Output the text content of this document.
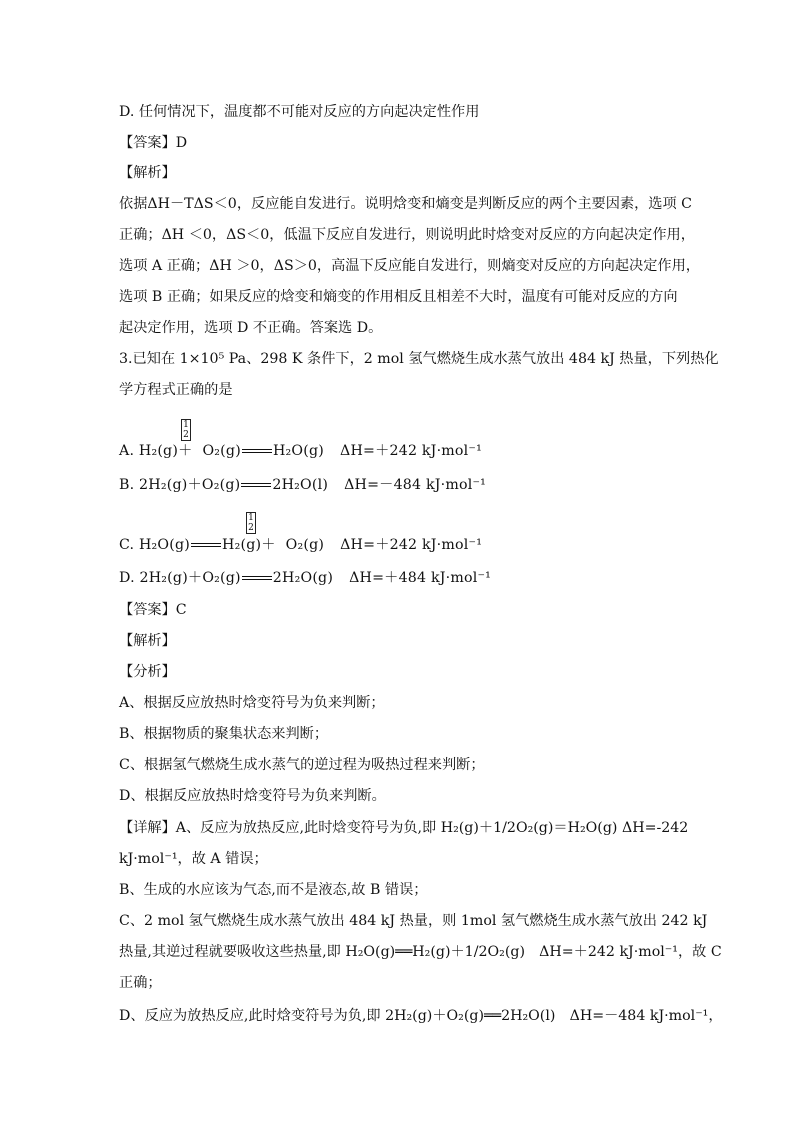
D. 任何情况下，温度都不可能对反应的方向起决定性作用
【答案】D
【解析】
依据ΔH－TΔS＜0，反应能自发进行。说明焓变和熵变是判断反应的两个主要因素，选项 C
正确；ΔH ＜0，ΔS＜0，低温下反应自发进行，则说明此时焓变对反应的方向起决定作用，
选项 A 正确；ΔH ＞0，ΔS＞0，高温下反应能自发进行，则熵变对反应的方向起决定作用，
选项 B 正确；如果反应的焓变和熵变的作用相反且相差不大时，温度有可能对反应的方向
起决定作用，选项 D 不正确。答案选 D。
3.已知在 1×10⁵ Pa、298 K 条件下，2 mol 氢气燃烧生成水蒸气放出 484 kJ 热量，下列热化
学方程式正确的是
1
2
A. H₂(g)＋ O₂(g) H₂O(g) ΔH=＋242 kJ·mol⁻¹
B. 2H₂(g)＋O₂(g) 2H₂O(l) ΔH=－484 kJ·mol⁻¹
1
2
C. H₂O(g) H₂(g)＋ O₂(g) ΔH=＋242 kJ·mol⁻¹
D. 2H₂(g)＋O₂(g) 2H₂O(g) ΔH=＋484 kJ·mol⁻¹
【答案】C
【解析】
【分析】
A、根据反应放热时焓变符号为负来判断；
B、根据物质的聚集状态来判断；
C、根据氢气燃烧生成水蒸气的逆过程为吸热过程来判断；
D、根据反应放热时焓变符号为负来判断。
【详解】A、反应为放热反应,此时焓变符号为负,即 H₂(g)＋1/2O₂(g)＝H₂O(g) ΔH=-242
kJ·mol⁻¹，故 A 错误；
B、生成的水应该为气态,而不是液态,故 B 错误；
C、2 mol 氢气燃烧生成水蒸气放出 484 kJ 热量，则 1mol 氢气燃烧生成水蒸气放出 242 kJ
热量,其逆过程就要吸收这些热量,即 H₂O(g)══H₂(g)＋1/2O₂(g)　ΔH=＋242 kJ·mol⁻¹，故 C
正确；
D、反应为放热反应,此时焓变符号为负,即 2H₂(g)＋O₂(g)══2H₂O(l)　ΔH=－484 kJ·mol⁻¹，
